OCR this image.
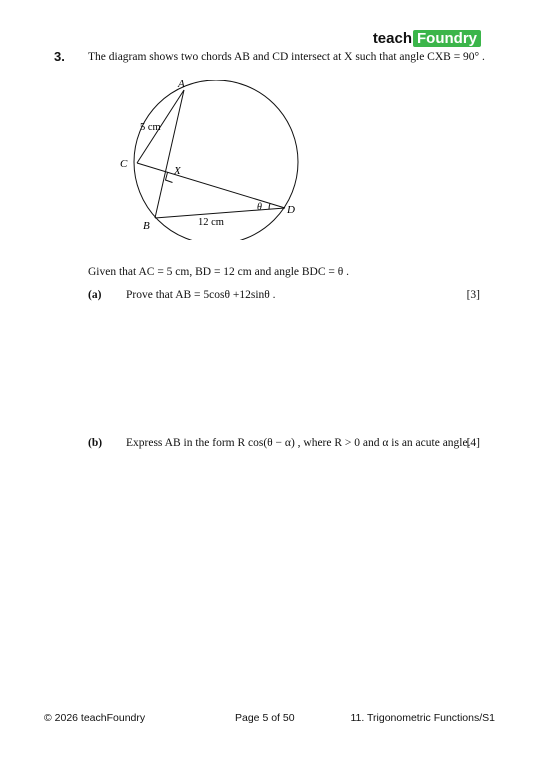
teach Foundry
3. The diagram shows two chords AB and CD intersect at X such that angle CXB = 90° .
A
C
X
B
D
5 cm
12 cm
θ
Given that AC = 5 cm, BD = 12 cm and angle BDC = θ .
(a) Prove that AB = 5cosθ +12sinθ .	[3]
(b) Express AB in the form R cos(θ − α) , where R > 0 and α is an acute angle.
[4]
© 2026 teachFoundry	Page 5 of 50	11. Trigonometric Functions/S1
